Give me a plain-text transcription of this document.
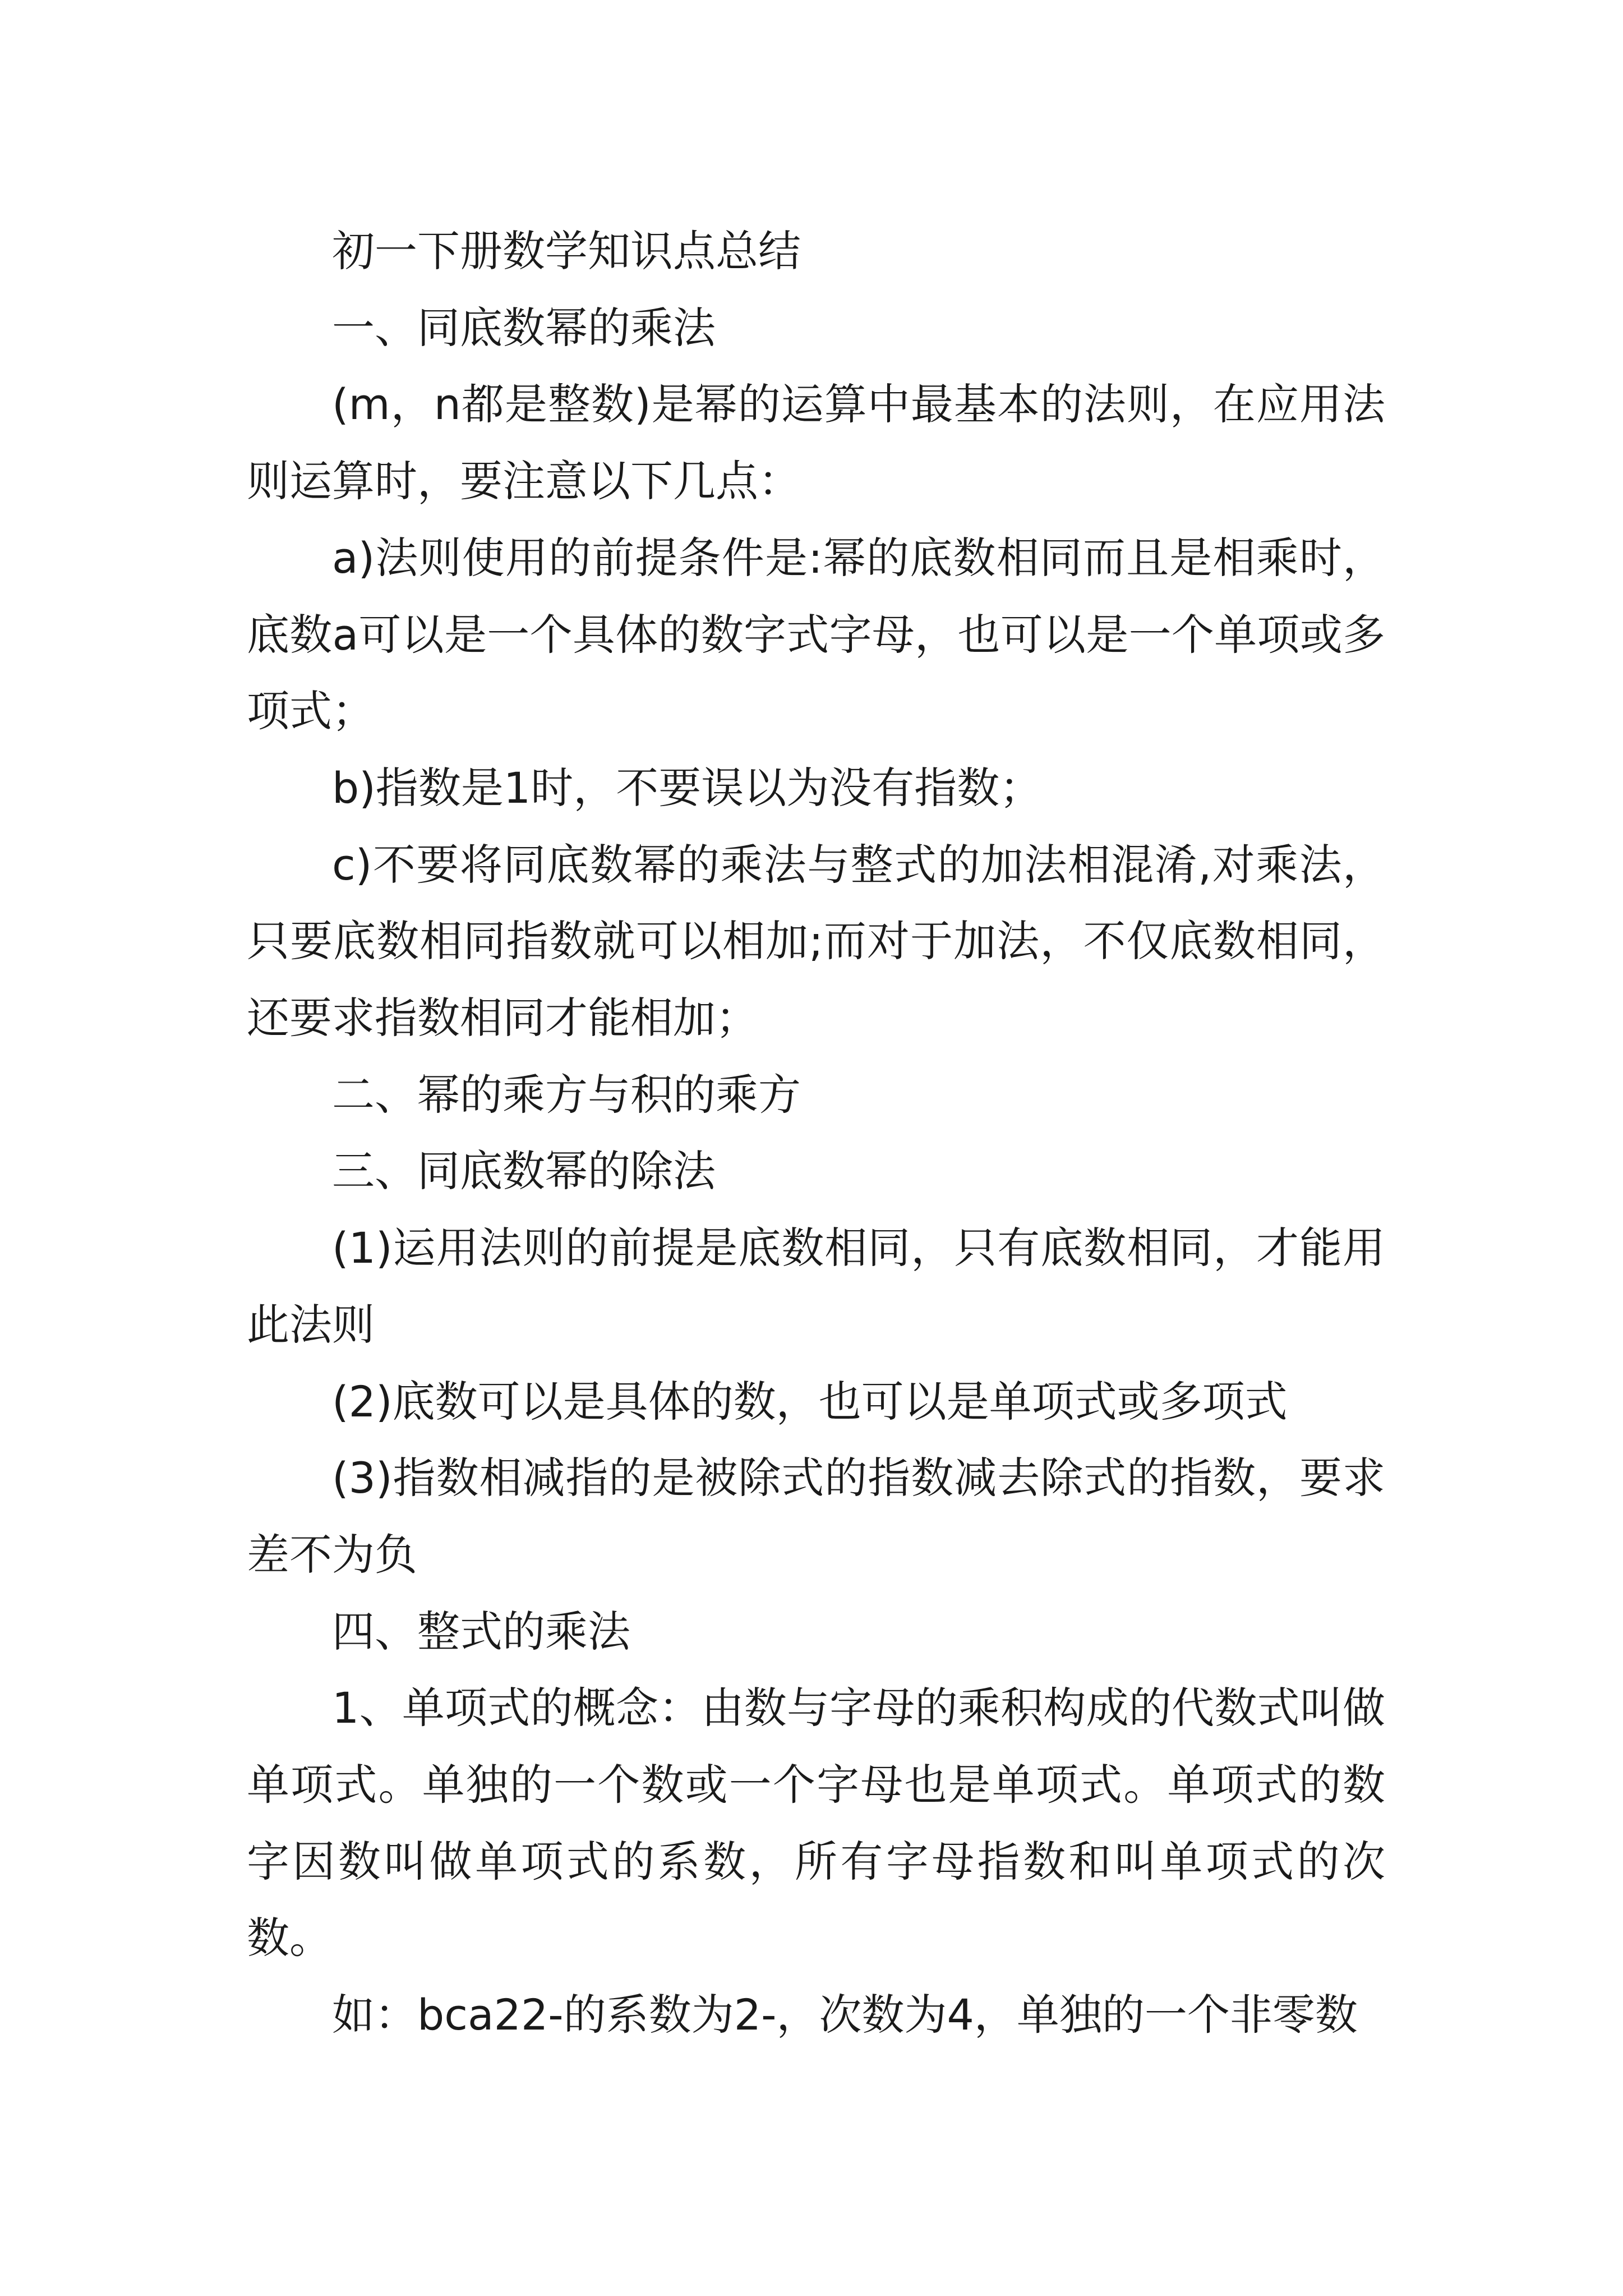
初一下册数学知识点总结

一、同底数幂的乘法

(m，n都是整数)是幂的运算中最基本的法则，在应用法则运算时，要注意以下几点：

a)法则使用的前提条件是:幂的底数相同而且是相乘时，底数a可以是一个具体的数字式字母，也可以是一个单项或多项式；

b)指数是1时，不要误以为没有指数；

c)不要将同底数幂的乘法与整式的加法相混淆,对乘法，只要底数相同指数就可以相加;而对于加法，不仅底数相同，还要求指数相同才能相加；

二、幂的乘方与积的乘方

三、同底数幂的除法

(1)运用法则的前提是底数相同，只有底数相同，才能用此法则

(2)底数可以是具体的数，也可以是单项式或多项式

(3)指数相减指的是被除式的指数减去除式的指数，要求差不为负

四、整式的乘法

1、单项式的概念：由数与字母的乘积构成的代数式叫做单项式。单独的一个数或一个字母也是单项式。单项式的数字因数叫做单项式的系数，所有字母指数和叫单项式的次数。

如：bca22-的系数为2-，次数为4，单独的一个非零数
